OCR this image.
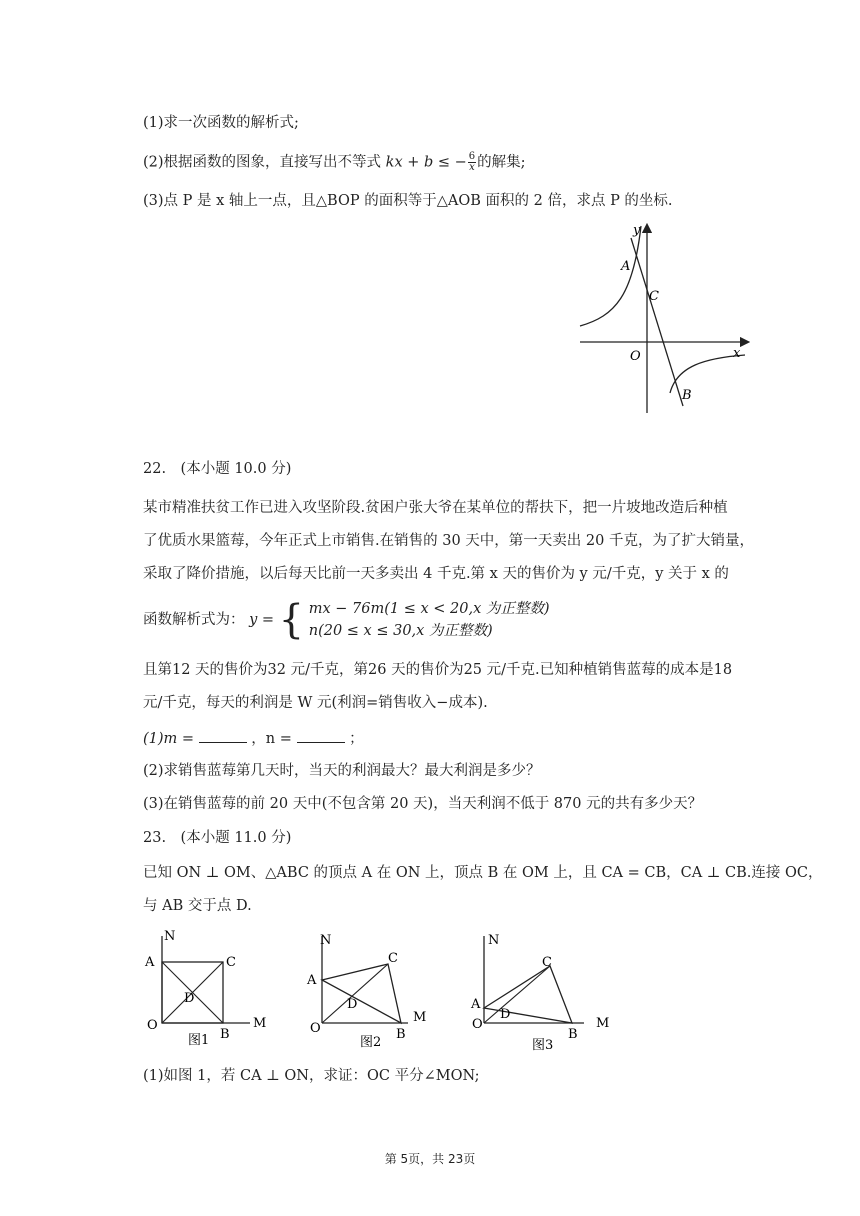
(1)求一次函数的解析式;
(2)根据函数的图象，直接写出不等式 kx + b ≤ − $\frac{6}{x}$ 的解集;
(3)点 P 是 x 轴上一点，且△BOP 的面积等于△AOB 面积的 2 倍，求点 P 的坐标.
y
x
A
C
O
B
22.　(本小题 10.0 分)
某市精准扶贫工作已进入攻坚阶段.贫困户张大爷在某单位的帮扶下，把一片坡地改造后种植
了优质水果篮莓，今年正式上市销售.在销售的 30 天中，第一天卖出 20 千克，为了扩大销量，
采取了降价措施，以后每天比前一天多卖出 4 千克.第 x 天的售价为 y 元/千克，y 关于 x 的
函数解析式为： y = { mx − 76m(1 ≤ x < 20,x 为正整数)
n(20 ≤ x ≤ 30,x 为正整数)
且第12 天的售价为32 元/千克，第26 天的售价为25 元/千克.已知种植销售蓝莓的成本是18
元/千克，每天的利润是 W 元(利润=销售收入−成本).
(1)m =	，n =	；
(2)求销售蓝莓第几天时，当天的利润最大？最大利润是多少？
(3)在销售蓝莓的前 20 天中(不包含第 20 天)，当天利润不低于 870 元的共有多少天？
23.　(本小题 11.0 分)
已知 ON ⊥ OM、△ABC 的顶点 A 在 ON 上，顶点 B 在 OM 上，且 CA = CB，CA ⊥ CB.连接 OC，
与 AB 交于点 D.
N
A	C
D
O
B
M
图1
N
A
C
D
O	B
M
图2
N
A
C
D
O
B
M
图3
(1)如图 1，若 CA ⊥ ON，求证：OC 平分∠MON;
第 5页，共 23页
